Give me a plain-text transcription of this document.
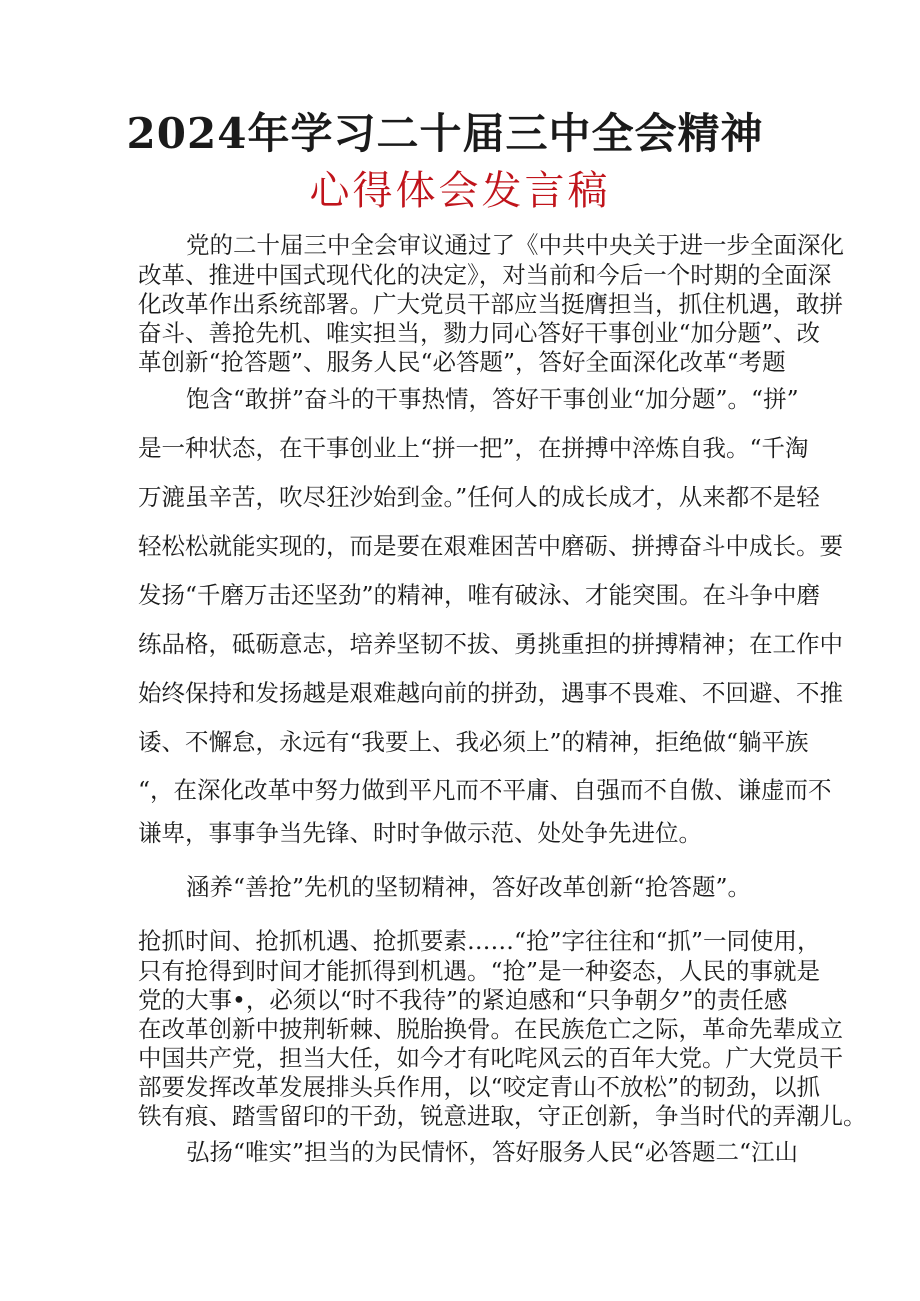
2024年学习二十届三中全会精神
心得体会发言稿
党的二十届三中全会审议通过了《中共中央关于进一步全面深化
改革、推进中国式现代化的决定》，对当前和今后一个时期的全面深
化改革作出系统部署。广大党员干部应当挺膺担当，抓住机遇，敢拼
奋斗、善抢先机、唯实担当，勠力同心答好干事创业“加分题”、改
革创新“抢答题”、服务人民“必答题”，答好全面深化改革“考题
饱含“敢拼”奋斗的干事热情，答好干事创业“加分题”。“拼”
是一种状态，在干事创业上“拼一把”，在拼搏中淬炼自我。“千淘
万漉虽辛苦，吹尽狂沙始到金。”任何人的成长成才，从来都不是轻
轻松松就能实现的，而是要在艰难困苦中磨砺、拼搏奋斗中成长。要
发扬“千磨万击还坚劲”的精神，唯有破泳、才能突围。在斗争中磨
练品格，砥砺意志，培养坚韧不拔、勇挑重担的拼搏精神；在工作中
始终保持和发扬越是艰难越向前的拼劲，遇事不畏难、不回避、不推
诿、不懈怠，永远有“我要上、我必须上”的精神，拒绝做“躺平族
“，在深化改革中努力做到平凡而不平庸、自强而不自傲、谦虚而不
谦卑，事事争当先锋、时时争做示范、处处争先进位。
涵养“善抢”先机的坚韧精神，答好改革创新“抢答题”。
抢抓时间、抢抓机遇、抢抓要素……“抢”字往往和“抓”一同使用，
只有抢得到时间才能抓得到机遇。“抢”是一种姿态，人民的事就是
党的大事•，必须以“时不我待”的紧迫感和“只争朝夕”的责任感
在改革创新中披荆斩棘、脱胎换骨。在民族危亡之际，革命先辈成立
中国共产党，担当大任，如今才有叱咤风云的百年大党。广大党员干
部要发挥改革发展排头兵作用，以“咬定青山不放松”的韧劲，以抓
铁有痕、踏雪留印的干劲，锐意进取，守正创新，争当时代的弄潮儿。
弘扬“唯实”担当的为民情怀，答好服务人民“必答题二“江山
